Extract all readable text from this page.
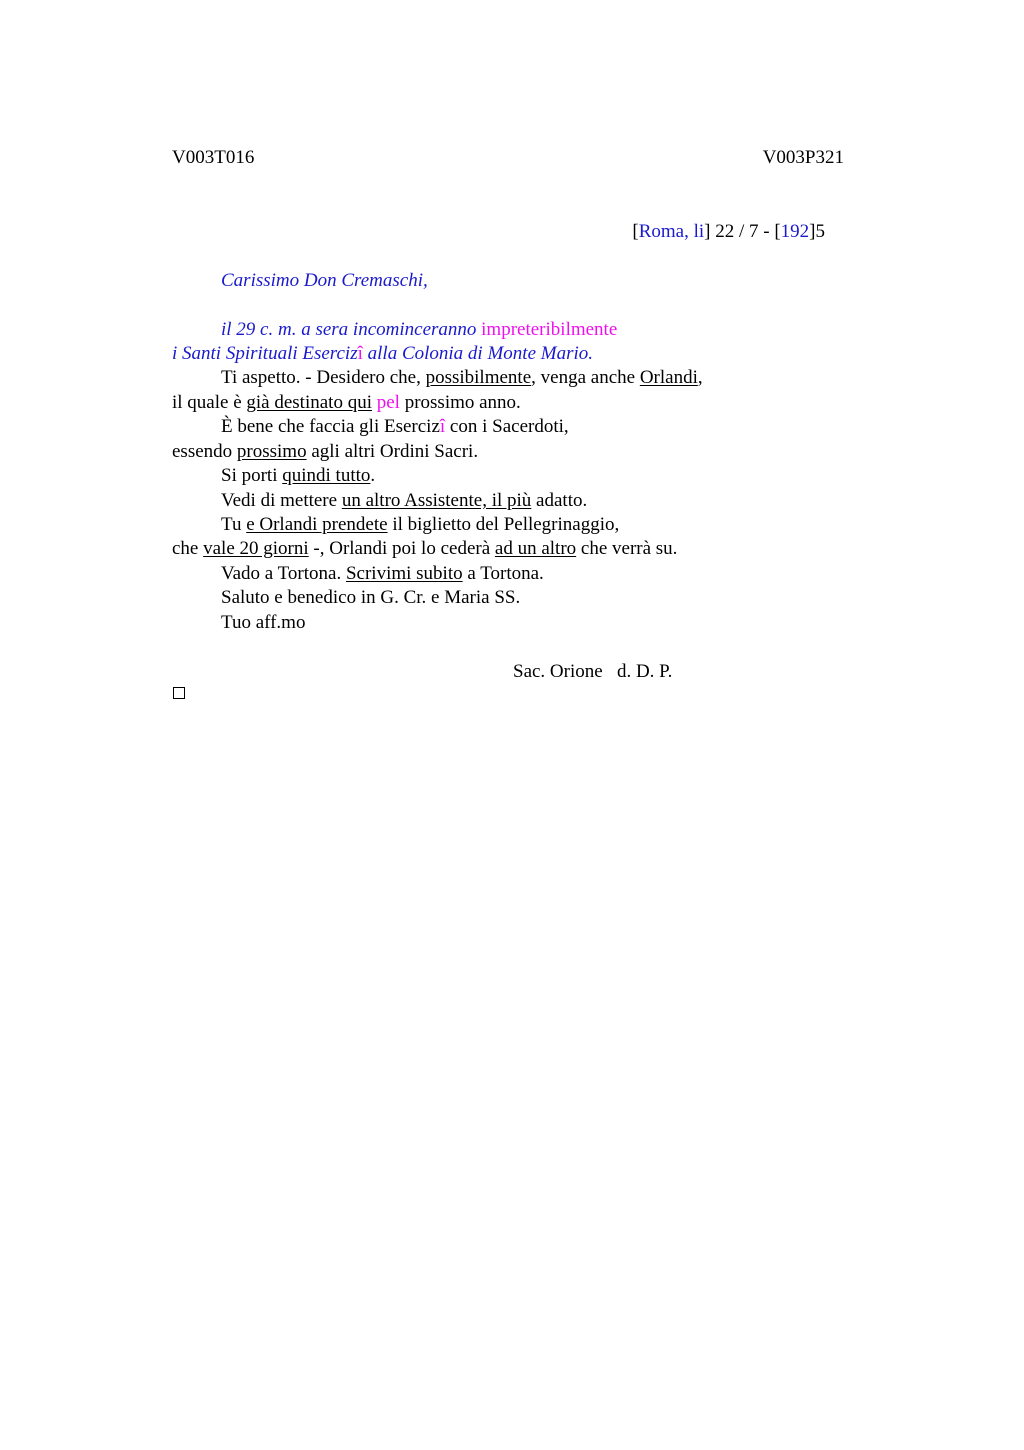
V003T016	V003P321
[Roma, li] 22 / 7 - [192]5
Carissimo Don Cremaschi,
il 29 c. m. a sera incominceranno impreteribilmente
i Santi Spirituali Esercizî alla Colonia di Monte Mario.
Ti aspetto. - Desidero che, possibilmente, venga anche Orlandi,
il quale è già destinato qui pel prossimo anno.
È bene che faccia gli Esercizî con i Sacerdoti,
essendo prossimo agli altri Ordini Sacri.
Si porti quindi tutto.
Vedi di mettere un altro Assistente, il più adatto.
Tu e Orlandi prendete il biglietto del Pellegrinaggio,
che vale 20 giorni -, Orlandi poi lo cederà ad un altro che verrà su.
Vado a Tortona. Scrivimi subito a Tortona.
Saluto e benedico in G. Cr. e Maria SS.
Tuo aff.mo
Sac. Orione   d. D. P.
